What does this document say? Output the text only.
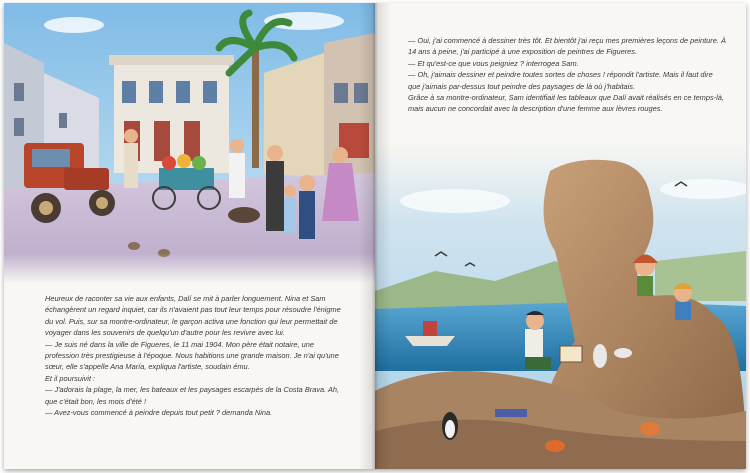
Heureux de raconter sa vie aux enfants, Dalí se mit à parler longuement. Nina et Sam échangèrent un regard inquiet, car ils n'avaient pas tout leur temps pour résoudre l'énigme du vol. Puis, sur sa montre-ordinateur, le garçon activa une fonction qui leur permettait de voyager dans les souvenirs de quelqu'un d'autre pour les revivre avec lui.

— Je suis né dans la ville de Figueres, le 11 mai 1904. Mon père était notaire, une profession très prestigieuse à l'époque. Nous habitions une grande maison. Je n'ai qu'une sœur, elle s'appelle Ana María, expliqua l'artiste, soudain ému.

Et il poursuivit :

— J'adorais la plage, la mer, les bateaux et les paysages escarpés de la Costa Brava. Ah, que c'était bon, les mois d'été !

— Avez-vous commencé à peindre depuis tout petit ? demanda Nina.

— Oui, j'ai commencé à dessiner très tôt. Et bientôt j'ai reçu mes premières leçons de peinture. À 14 ans à peine, j'ai participé à une exposition de peintres de Figueres.

— Et qu'est-ce que vous peigniez ? interrogea Sam.

— Oh, j'aimais dessiner et peindre toutes sortes de choses ! répondit l'artiste. Mais il faut dire que j'aimais par-dessus tout peindre des paysages de là où j'habitais.

Grâce à sa montre-ordinateur, Sam identifiait les tableaux que Dalí avait réalisés en ce temps-là, mais aucun ne concordait avec la description d'une femme aux lèvres rouges.
